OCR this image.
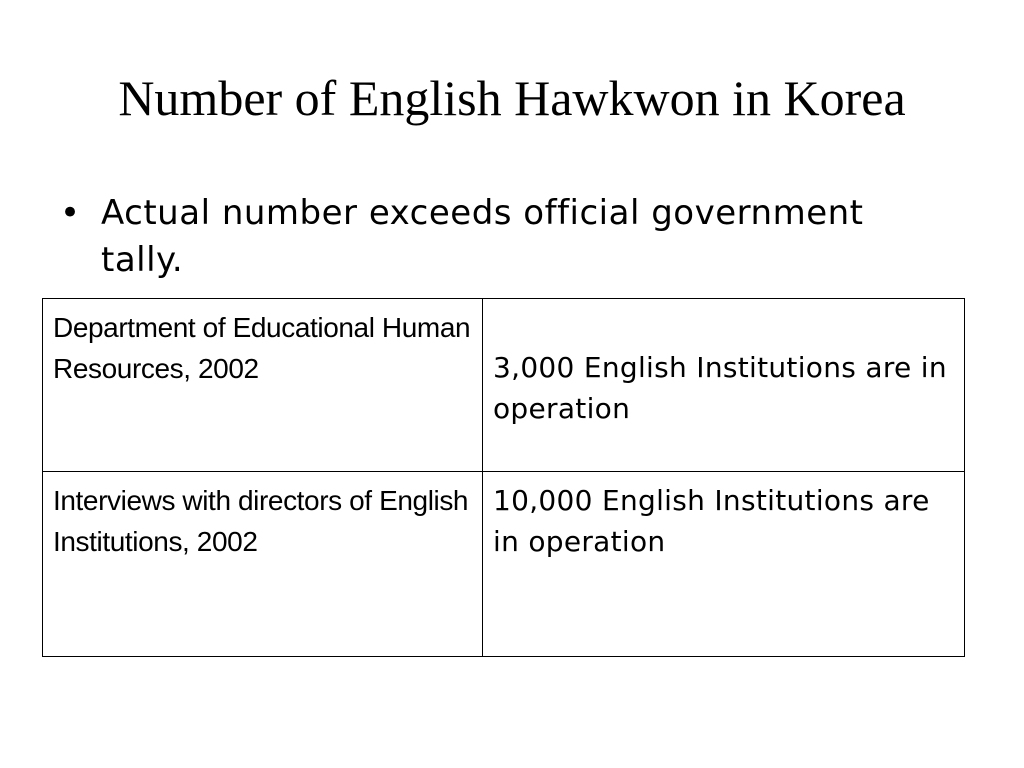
Number of English Hawkwon in Korea
• Actual number exceeds official government tally.
Department of Educational Human Resources, 2002	3,000 English Institutions are in operation

Interviews with directors of English Institutions, 2002	10,000 English Institutions are in operation
